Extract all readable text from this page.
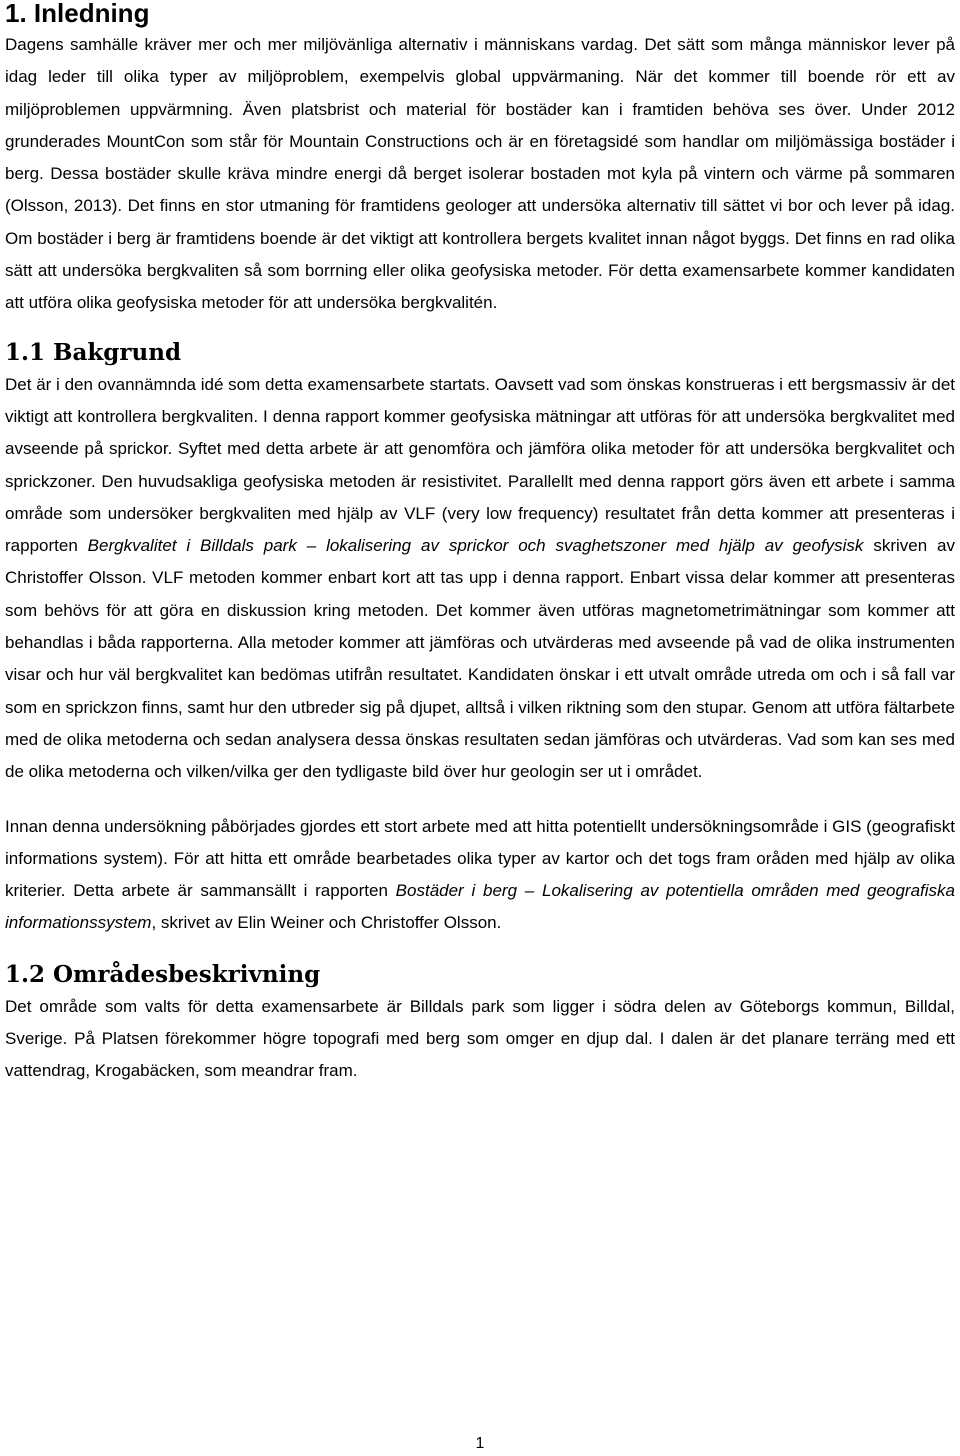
1. Inledning

Dagens samhälle kräver mer och mer miljövänliga alternativ i människans vardag. Det sätt som många människor lever på idag leder till olika typer av miljöproblem, exempelvis global uppvärmaning. När det kommer till boende rör ett av miljöproblemen uppvärmning. Även platsbrist och material för bostäder kan i framtiden behöva ses över. Under 2012 grunderades MountCon som står för Mountain Constructions och är en företagsidé som handlar om miljömässiga bostäder i berg. Dessa bostäder skulle kräva mindre energi då berget isolerar bostaden mot kyla på vintern och värme på sommaren (Olsson, 2013). Det finns en stor utmaning för framtidens geologer att undersöka alternativ till sättet vi bor och lever på idag. Om bostäder i berg är framtidens boende är det viktigt att kontrollera bergets kvalitet innan något byggs. Det finns en rad olika sätt att undersöka bergkvaliten så som borrning eller olika geofysiska metoder. För detta examensarbete kommer kandidaten att utföra olika geofysiska metoder för att undersöka bergkvalitén.

1.1 Bakgrund

Det är i den ovannämnda idé som detta examensarbete startats. Oavsett vad som önskas konstrueras i ett bergsmassiv är det viktigt att kontrollera bergkvaliten. I denna rapport kommer geofysiska mätningar att utföras för att undersöka bergkvalitet med avseende på sprickor. Syftet med detta arbete är att genomföra och jämföra olika metoder för att undersöka bergkvalitet och sprickzoner. Den huvudsakliga geofysiska metoden är resistivitet. Parallellt med denna rapport görs även ett arbete i samma område som undersöker bergkvaliten med hjälp av VLF (very low frequency) resultatet från detta kommer att presenteras i rapporten Bergkvalitet i Billdals park – lokalisering av sprickor och svaghetszoner med hjälp av geofysisk skriven av Christoffer Olsson. VLF metoden kommer enbart kort att tas upp i denna rapport. Enbart vissa delar kommer att presenteras som behövs för att göra en diskussion kring metoden. Det kommer även utföras magnetometrimätningar som kommer att behandlas i båda rapporterna. Alla metoder kommer att jämföras och utvärderas med avseende på vad de olika instrumenten visar och hur väl bergkvalitet kan bedömas utifrån resultatet. Kandidaten önskar i ett utvalt område utreda om och i så fall var som en sprickzon finns, samt hur den utbreder sig på djupet, alltså i vilken riktning som den stupar. Genom att utföra fältarbete med de olika metoderna och sedan analysera dessa önskas resultaten sedan jämföras och utvärderas. Vad som kan ses med de olika metoderna och vilken/vilka ger den tydligaste bild över hur geologin ser ut i området.

Innan denna undersökning påbörjades gjordes ett stort arbete med att hitta potentiellt undersökningsområde i GIS (geografiskt informations system). För att hitta ett område bearbetades olika typer av kartor och det togs fram oråden med hjälp av olika kriterier. Detta arbete är sammansällt i rapporten Bostäder i berg – Lokalisering av potentiella områden med geografiska informationssystem, skrivet av Elin Weiner och Christoffer Olsson.

1.2 Områdesbeskrivning

Det område som valts för detta examensarbete är Billdals park som ligger i södra delen av Göteborgs kommun, Billdal, Sverige. På Platsen förekommer högre topografi med berg som omger en djup dal. I dalen är det planare terräng med ett vattendrag, Krogabäcken, som meandrar fram.

1
